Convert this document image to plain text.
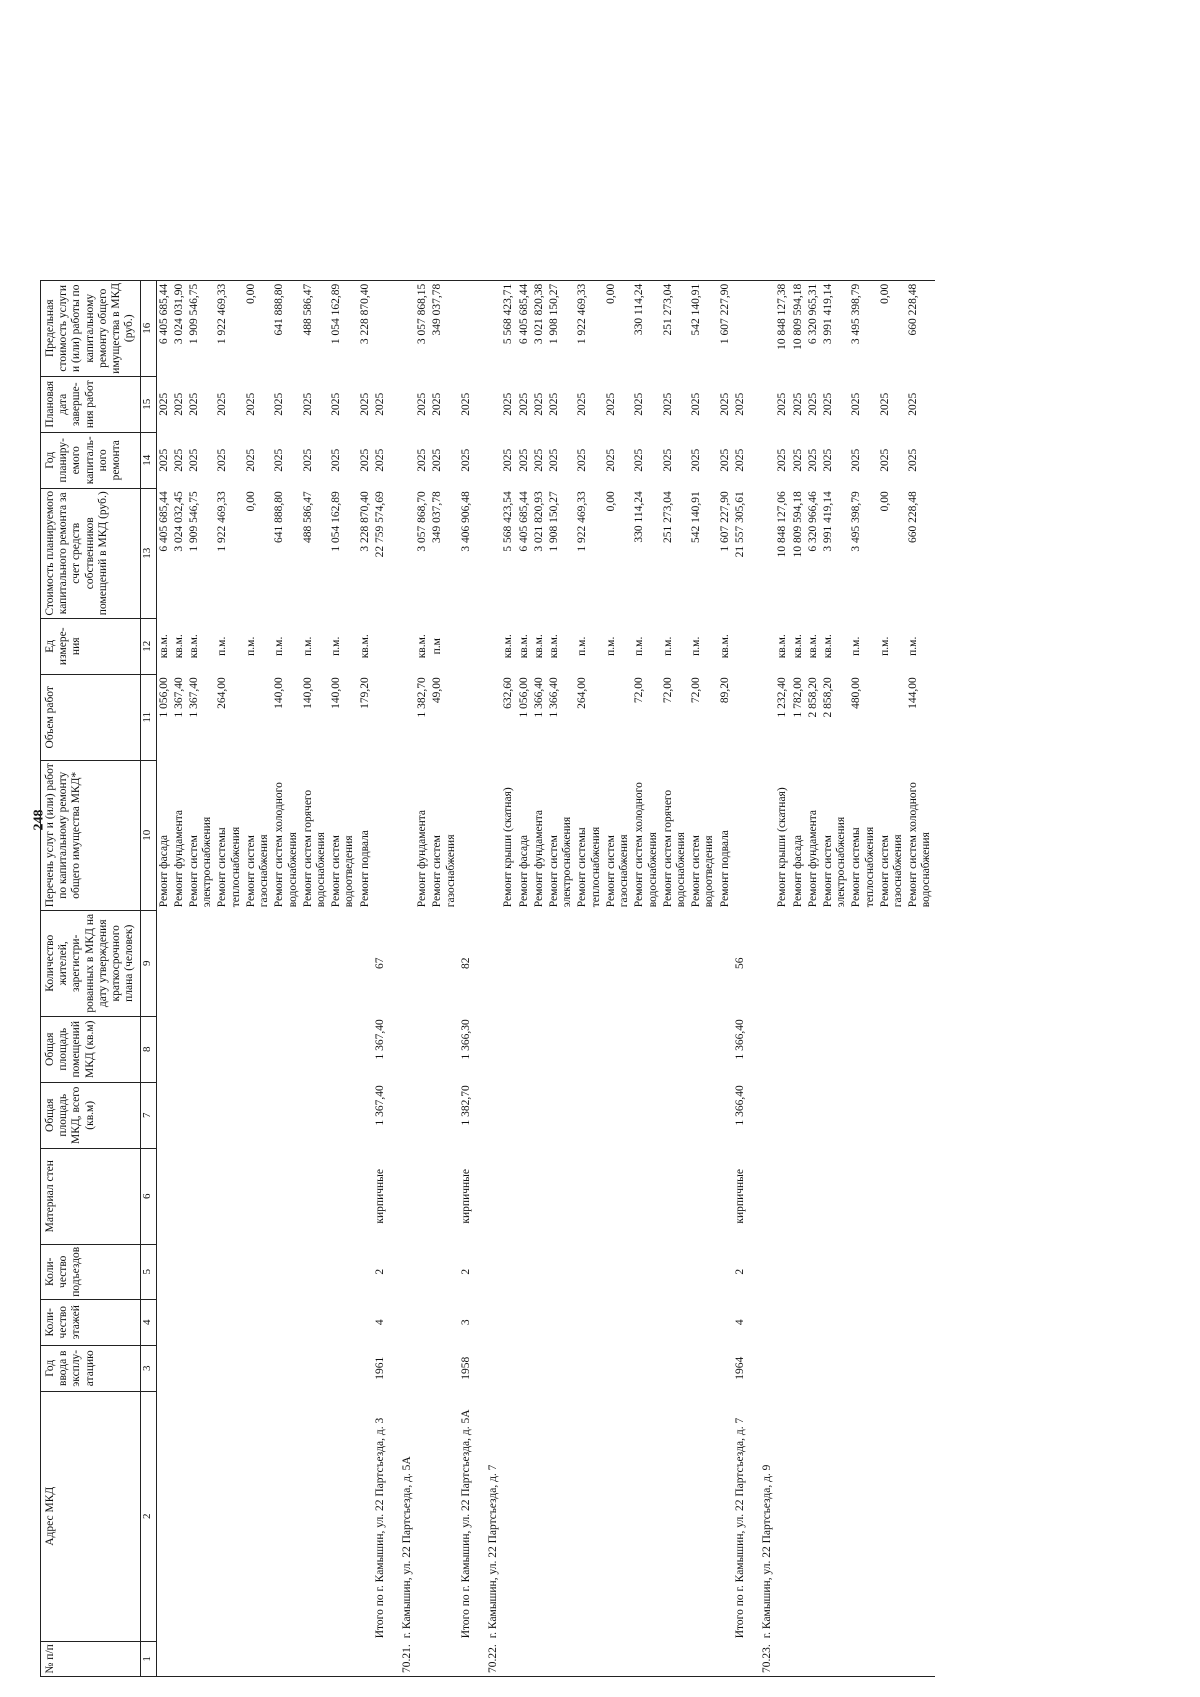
248
№ п/п	Адрес МКД	Год ввода в эксплу-атацию	Коли-чество этажей	Коли-чество подъездов	Материал стен	Общая площадь МКД, всего (кв.м)	Общая площадь помещений МКД (кв.м)	Количество жителей, зарегистри-рованных в МКД на дату утверждения краткосрочного плана (человек)	Перечень услуг и (или) работ по капитальному ремонту общего имущества МКД*	Объем работ	Ед измере-ния	Стоимость планируемого капитального ремонта за счет средств собственников помещений в МКД (руб.)	Год планиру-емого капиталь-ного ремонта	Плановая дата заверше-ния работ	Предельная стоимость услуги и (или) работы по капитальному ремонту общего имущества в МКД (руб.)
1	2	3	4	5	6	7	8	9	10	11	12	13	14	15	16
									Ремонт фасада	1 056,00	кв.м.	6 405 685,44	2025	2025	6 405 685,44
									Ремонт фундамента	1 367,40	кв.м.	3 024 032,45	2025	2025	3 024 031,90
									Ремонт систем электроснабжения	1 367,40	кв.м.	1 909 546,75	2025	2025	1 909 546,75
									Ремонт системы теплоснабжения	264,00	п.м.	1 922 469,33	2025	2025	1 922 469,33
									Ремонт систем газоснабжения		п.м.	0,00	2025	2025	0,00
									Ремонт систем холодного водоснабжения	140,00	п.м.	641 888,80	2025	2025	641 888,80
									Ремонт систем горячего водоснабжения	140,00	п.м.	488 586,47	2025	2025	488 586,47
									Ремонт систем водоотведения	140,00	п.м.	1 054 162,89	2025	2025	1 054 162,89
									Ремонт подвала	179,20	кв.м.	3 228 870,40	2025	2025	3 228 870,40
	Итого по г. Камышин, ул. 22 Партсъезда, д. 3	1961	4	2	кирпичные	1 367,40	1 367,40	67				22 759 574,69	2025	2025	

70.21.	г. Камышин, ул. 22 Партсъезда, д. 5А														
									Ремонт фундамента	1 382,70	кв.м.	3 057 868,70	2025	2025	3 057 868,15
									Ремонт систем газоснабжения	49,00	п.м	349 037,78	2025	2025	349 037,78
	Итого по г. Камышин, ул. 22 Партсъезда, д. 5А	1958	3	2	кирпичные	1 382,70	1 366,30	82				3 406 906,48	2025	2025	

70.22.	г. Камышин, ул. 22 Партсъезда, д. 7														
									Ремонт крыши (скатная)	632,60	кв.м.	5 568 423,54	2025	2025	5 568 423,71
									Ремонт фасада	1 056,00	кв.м.	6 405 685,44	2025	2025	6 405 685,44
									Ремонт фундамента	1 366,40	кв.м.	3 021 820,93	2025	2025	3 021 820,38
									Ремонт систем электроснабжения	1 366,40	кв.м.	1 908 150,27	2025	2025	1 908 150,27
									Ремонт системы теплоснабжения	264,00	п.м.	1 922 469,33	2025	2025	1 922 469,33
									Ремонт систем газоснабжения		п.м.	0,00	2025	2025	0,00
									Ремонт систем холодного водоснабжения	72,00	п.м.	330 114,24	2025	2025	330 114,24
									Ремонт систем горячего водоснабжения	72,00	п.м.	251 273,04	2025	2025	251 273,04
									Ремонт систем водоотведения	72,00	п.м.	542 140,91	2025	2025	542 140,91
									Ремонт подвала	89,20	кв.м.	1 607 227,90	2025	2025	1 607 227,90
	Итого по г. Камышин, ул. 22 Партсъезда, д. 7	1964	4	2	кирпичные	1 366,40	1 366,40	56				21 557 305,61	2025	2025	

70.23.	г. Камышин, ул. 22 Партсъезда, д. 9														
									Ремонт крыши (скатная)	1 232,40	кв.м.	10 848 127,06	2025	2025	10 848 127,38
									Ремонт фасада	1 782,00	кв.м.	10 809 594,18	2025	2025	10 809 594,18
									Ремонт фундамента	2 858,20	кв.м.	6 320 966,46	2025	2025	6 320 965,31
									Ремонт систем электроснабжения	2 858,20	кв.м.	3 991 419,14	2025	2025	3 991 419,14
									Ремонт системы теплоснабжения	480,00	п.м.	3 495 398,79	2025	2025	3 495 398,79
									Ремонт систем газоснабжения		п.м.	0,00	2025	2025	0,00
									Ремонт систем холодного водоснабжения	144,00	п.м.	660 228,48	2025	2025	660 228,48
